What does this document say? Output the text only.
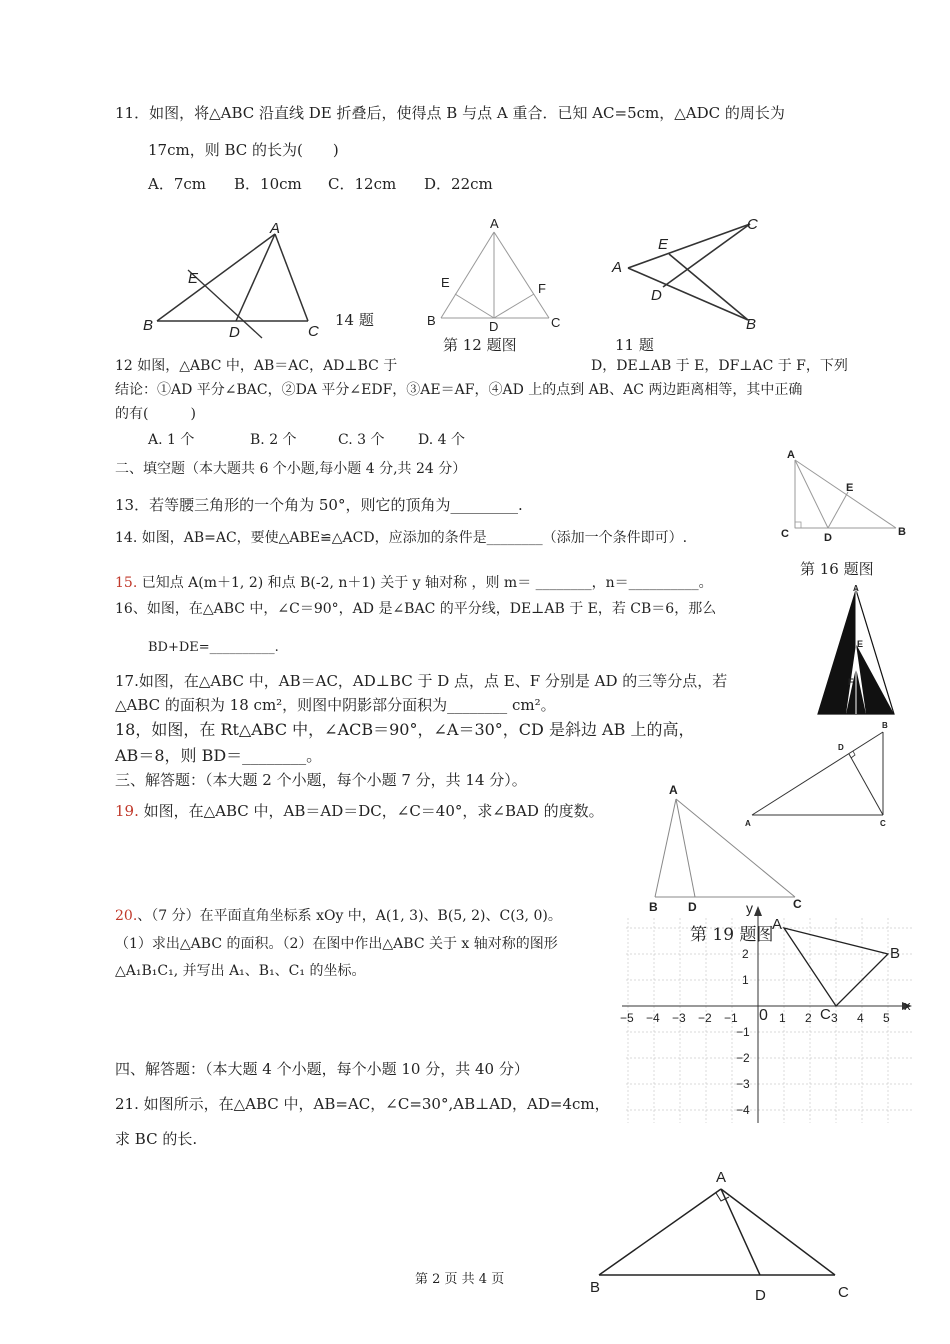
11．如图，将△ABC 沿直线 DE 折叠后，使得点 B 与点 A 重合．已知 AC=5cm，△ADC 的周长为
17cm，则 BC 的长为(　　)
A．7cm B．10cm C．12cm D．22cm
A
E
B	D	C
14 题
A
E	F
B	D	C
第 12 题图
C
E
A
D
B
11 题
12 如图，△ABC 中，AB＝AC，AD⊥BC 于	D，DE⊥AB 于 E，DF⊥AC 于 F，下列
结论：①AD 平分∠BAC，②DA 平分∠EDF，③AE＝AF，④AD 上的点到 AB、AC 两边距离相等，其中正确
的有(　　　)
A. 1 个	B. 2 个	C. 3 个 D. 4 个
二、填空题（本大题共 6 个小题,每小题 4 分,共 24 分）
A
E
C	D	B
第 16 题图
13．若等腰三角形的一个角为 50°，则它的顶角为_________.
14. 如图，AB=AC，要使△ABE≌△ACD，应添加的条件是________（添加一个条件即可）.
15. 已知点 A(m＋1, 2) 和点 B(-2, n＋1) 关于 y 轴对称 ，则 m＝ ________，n＝__________。
16、如图，在△ABC 中，∠C＝90°，AD 是∠BAC 的平分线，DE⊥AB 于 E，若 CB＝6，那么
BD+DE=__________.
A
E
F
17.如图，在△ABC 中，AB＝AC，AD⊥BC 于 D 点，点 E、F 分别是 AD 的三等分点，若
△ABC 的面积为 18 cm²，则图中阴影部分面积为________ cm²。
18，如图，在 Rt△ABC 中，∠ACB＝90°，∠A＝30°，CD 是斜边 AB 上的高，
AB＝8，则 BD＝________。
B
D
A	C
三、解答题：（本大题 2 个小题，每个小题 7 分，共 14 分）。
19. 如图，在△ABC 中，AB＝AD＝DC，∠C＝40°，求∠BAD 的度数。
A
B	D	C
20.、（7 分）在平面直角坐标系 xOy 中，A(1, 3)、B(5, 2)、C(3, 0)。
（1）求出△ABC 的面积。（2）在图中作出△ABC 关于 x 轴对称的图形
△A₁B₁C₁, 并写出 A₁、B₁、C₁ 的坐标。
x
y
−5 −4 −3 −2 −1 0 1 2 3 4 5
2
1
−1
−2
−3
−4
A
B
C
第 19 题图
四、解答题：（本大题 4 个小题，每个小题 10 分，共 40 分）
21. 如图所示，在△ABC 中，AB=AC，∠C=30°,AB⊥AD，AD=4cm，
求 BC 的长.
A
B	D	C
第 2 页 共 4 页
